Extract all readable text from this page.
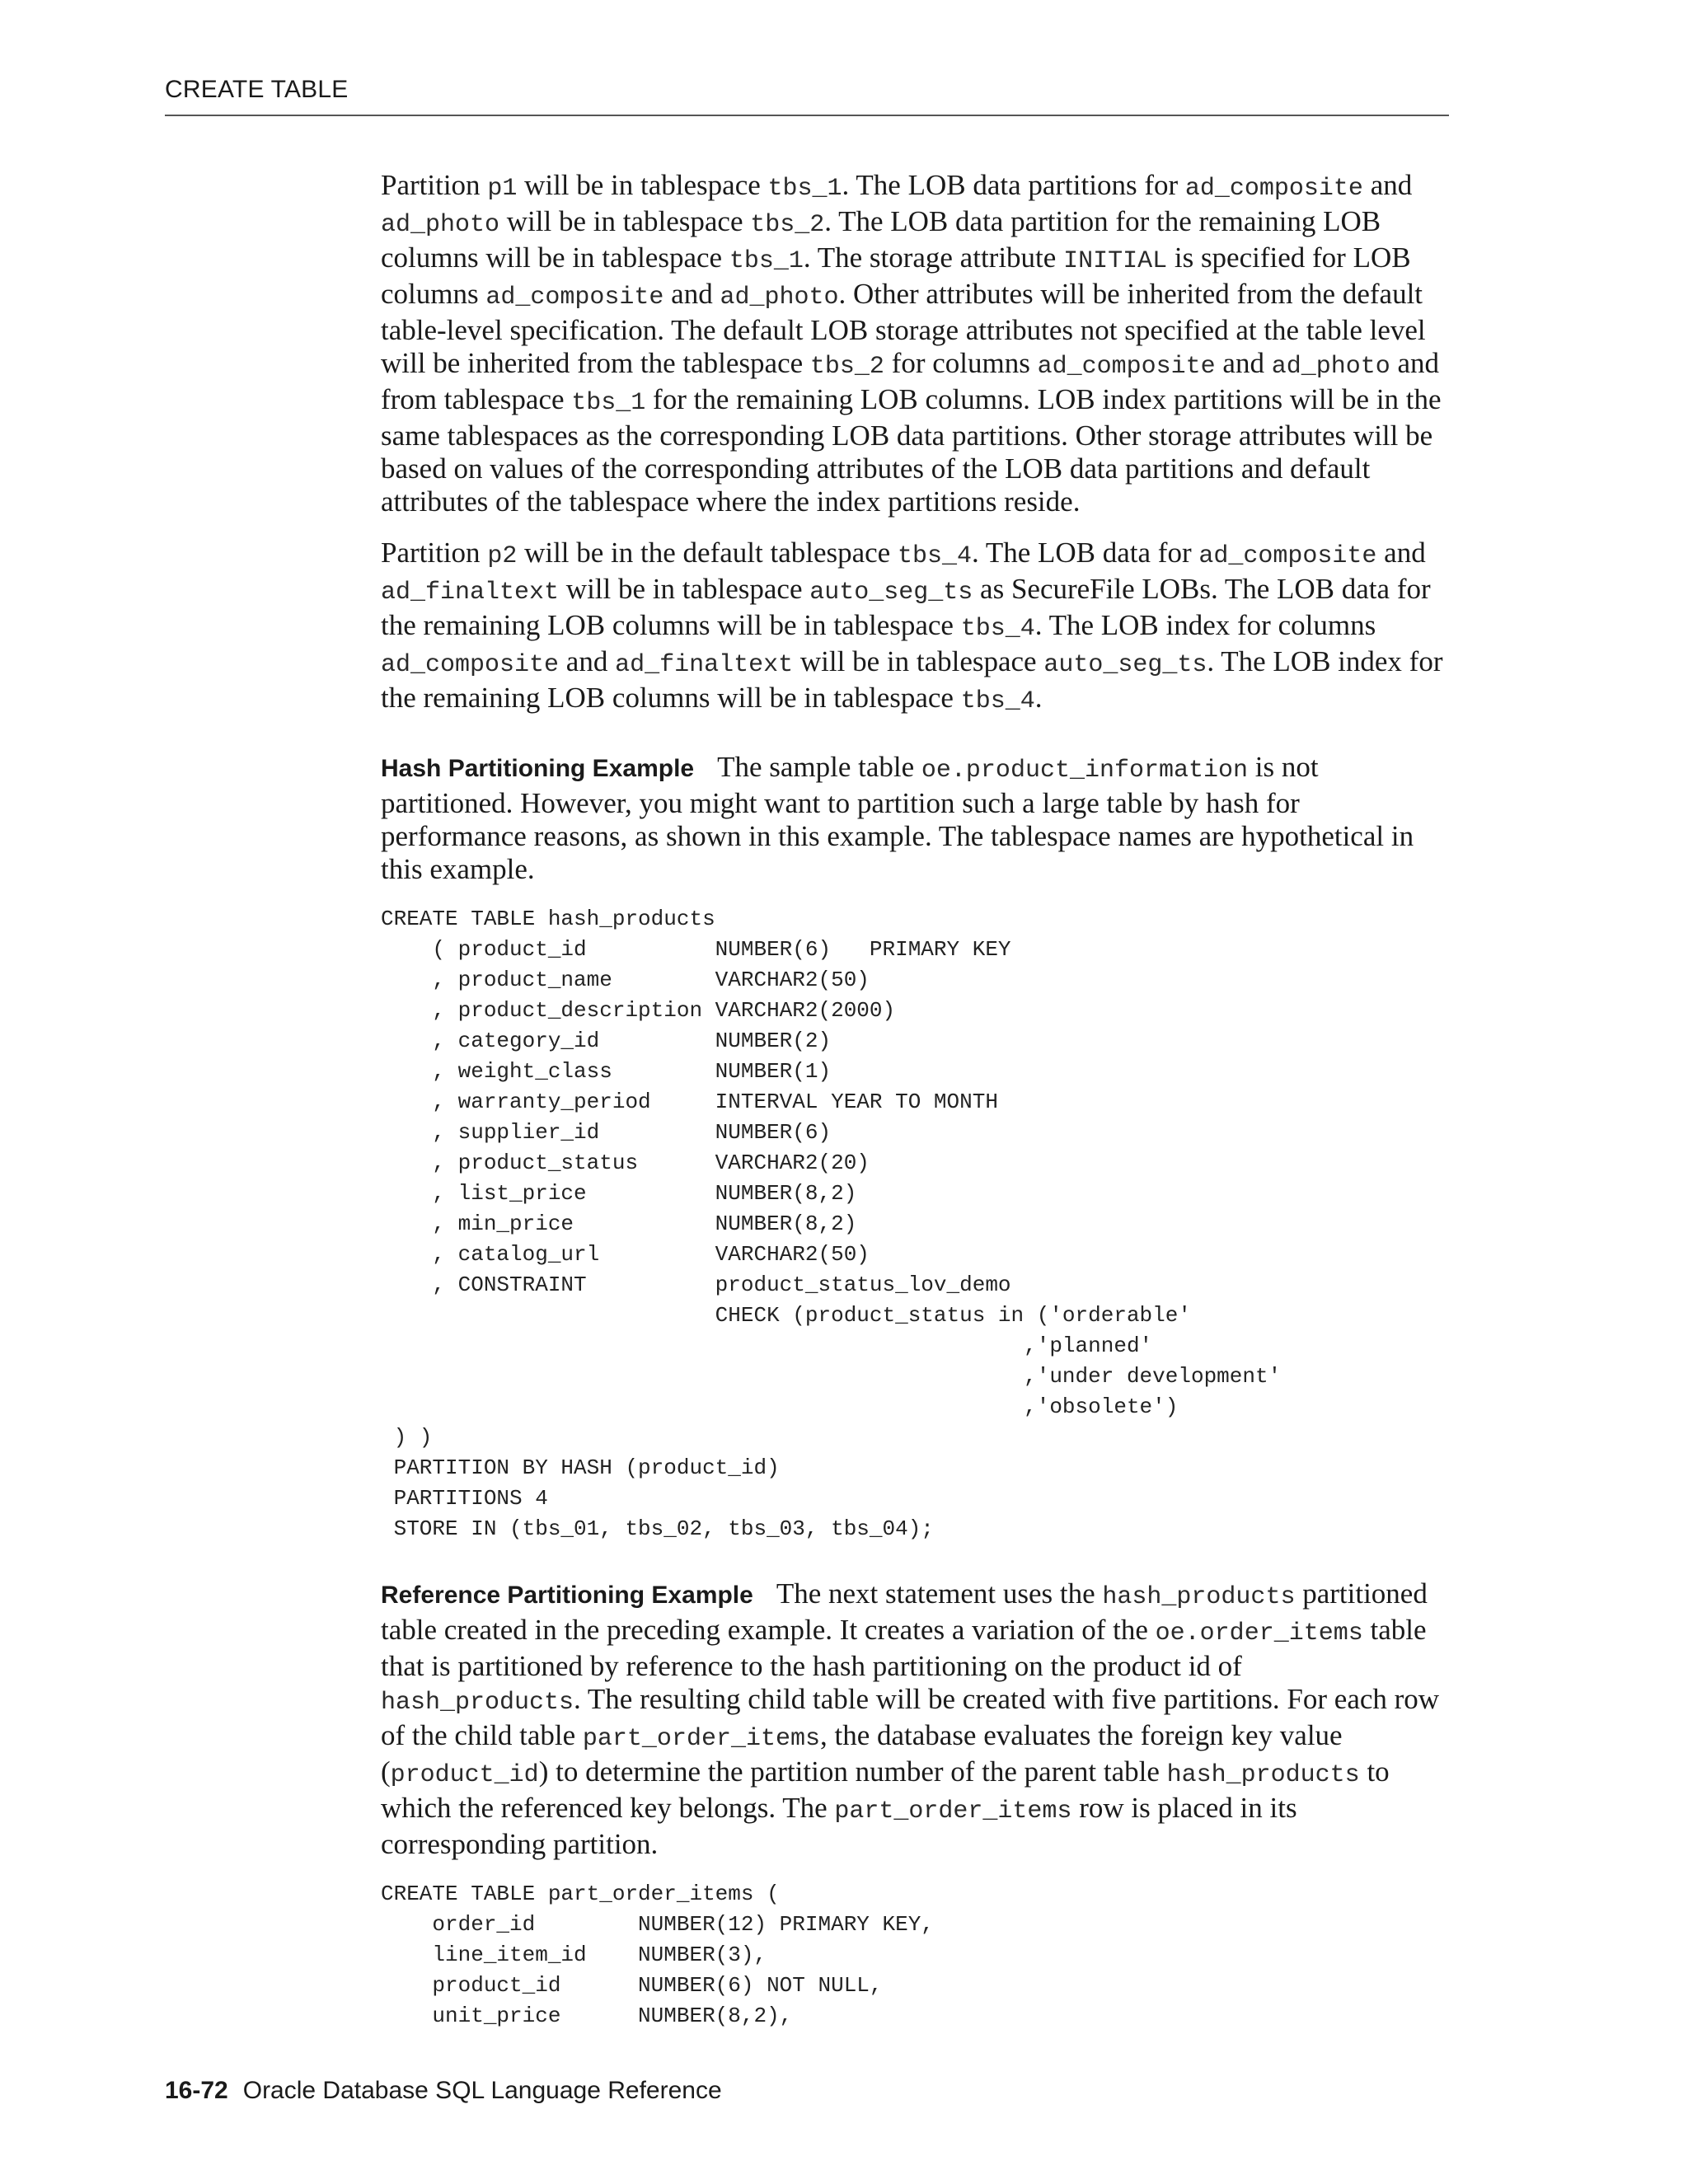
CREATE TABLE

Partition p1 will be in tablespace tbs_1. The LOB data partitions for ad_composite and ad_photo will be in tablespace tbs_2. The LOB data partition for the remaining LOB columns will be in tablespace tbs_1. The storage attribute INITIAL is specified for LOB columns ad_composite and ad_photo. Other attributes will be inherited from the default table-level specification. The default LOB storage attributes not specified at the table level will be inherited from the tablespace tbs_2 for columns ad_composite and ad_photo and from tablespace tbs_1 for the remaining LOB columns. LOB index partitions will be in the same tablespaces as the corresponding LOB data partitions. Other storage attributes will be based on values of the corresponding attributes of the LOB data partitions and default attributes of the tablespace where the index partitions reside.

Partition p2 will be in the default tablespace tbs_4. The LOB data for ad_composite and ad_finaltext will be in tablespace auto_seg_ts as SecureFile LOBs. The LOB data for the remaining LOB columns will be in tablespace tbs_4. The LOB index for columns ad_composite and ad_finaltext will be in tablespace auto_seg_ts. The LOB index for the remaining LOB columns will be in tablespace tbs_4.

Hash Partitioning Example The sample table oe.product_information is not partitioned. However, you might want to partition such a large table by hash for performance reasons, as shown in this example. The tablespace names are hypothetical in this example.

CREATE TABLE hash_products
( product_id          NUMBER(6)   PRIMARY KEY
, product_name        VARCHAR2(50)
, product_description VARCHAR2(2000)
, category_id         NUMBER(2)
, weight_class        NUMBER(1)
, warranty_period     INTERVAL YEAR TO MONTH
, supplier_id         NUMBER(6)
, product_status      VARCHAR2(20)
, list_price          NUMBER(8,2)
, min_price           NUMBER(8,2)
, catalog_url         VARCHAR2(50)
, CONSTRAINT          product_status_lov_demo
CHECK (product_status in ('orderable'
,'planned'
,'under development'
,'obsolete')
) )
PARTITION BY HASH (product_id)
PARTITIONS 4
STORE IN (tbs_01, tbs_02, tbs_03, tbs_04);

Reference Partitioning Example The next statement uses the hash_products partitioned table created in the preceding example. It creates a variation of the oe.order_items table that is partitioned by reference to the hash partitioning on the product id of hash_products. The resulting child table will be created with five partitions. For each row of the child table part_order_items, the database evaluates the foreign key value (product_id) to determine the partition number of the parent table hash_products to which the referenced key belongs. The part_order_items row is placed in its corresponding partition.

CREATE TABLE part_order_items (
order_id        NUMBER(12) PRIMARY KEY,
line_item_id    NUMBER(3),
product_id      NUMBER(6) NOT NULL,
unit_price      NUMBER(8,2),
16-72 Oracle Database SQL Language Reference
